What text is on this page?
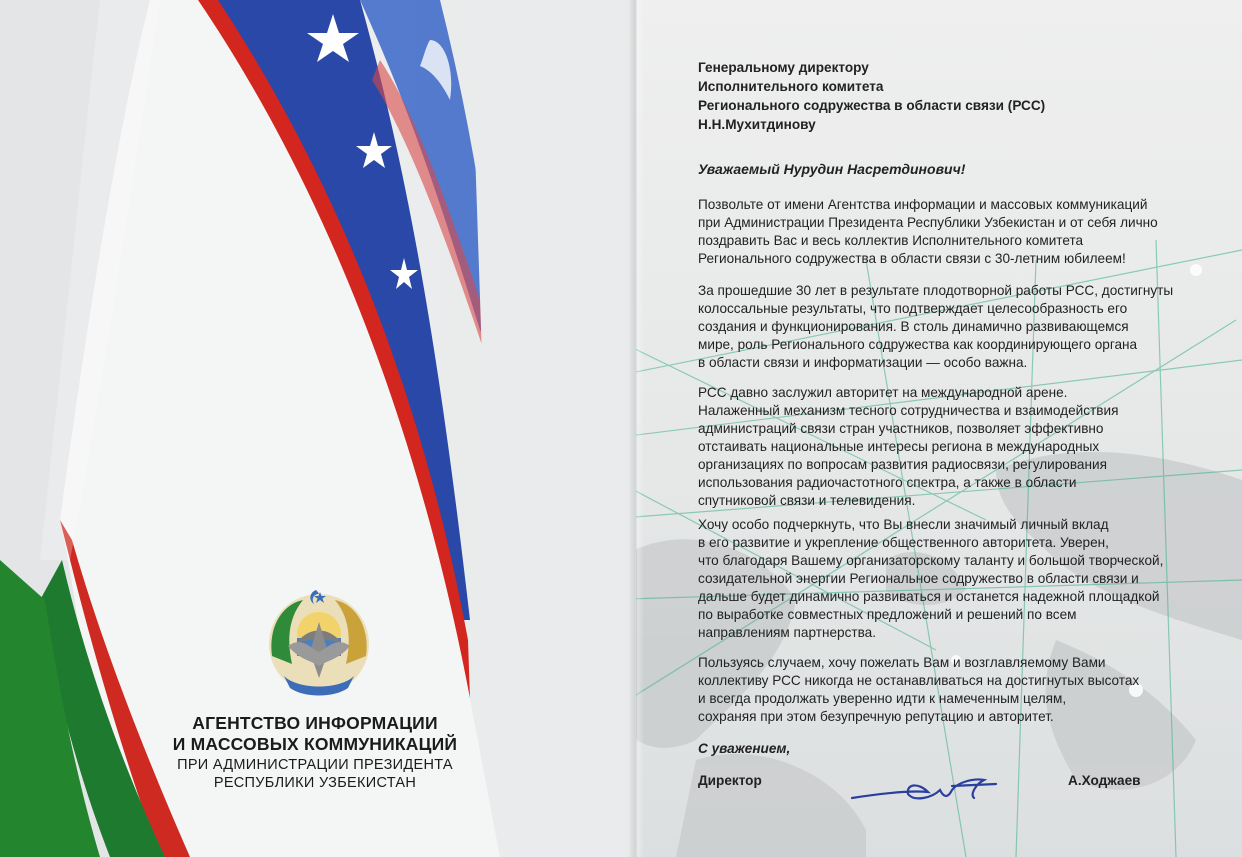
АГЕНТСТВО ИНФОРМАЦИИ
И МАССОВЫХ КОММУНИКАЦИЙ
ПРИ АДМИНИСТРАЦИИ ПРЕЗИДЕНТА
РЕСПУБЛИКИ УЗБЕКИСТАН
Генеральному директору
Исполнительного комитета
Регионального содружества в области связи (РСС)
Н.Н.Мухитдинову
Уважаемый Нурудин Насретдинович!

Позвольте от имени Агентства информации и массовых коммуникаций
при Администрации Президента Республики Узбекистан и от себя лично
поздравить Вас и весь коллектив Исполнительного комитета
Регионального содружества в области связи с 30-летним юбилеем!

За прошедшие 30 лет в результате плодотворной работы РСС, достигнуты
колоссальные результаты, что подтверждает целесообразность его
создания и функционирования. В столь динамично развивающемся
мире, роль Регионального содружества как координирующего органа
в области связи и информатизации — особо важна.

РСС давно заслужил авторитет на международной арене.
Налаженный механизм тесного сотрудничества и взаимодействия
администраций связи стран участников, позволяет эффективно
отстаивать национальные интересы региона в международных
организациях по вопросам развития радиосвязи, регулирования
использования радиочастотного спектра, а также в области
спутниковой связи и телевидения.

Хочу особо подчеркнуть, что Вы внесли значимый личный вклад
в его развитие и укрепление общественного авторитета. Уверен,
что благодаря Вашему организаторскому таланту и большой творческой,
созидательной энергии Региональное содружество в области связи и
дальше будет динамично развиваться и останется надежной площадкой
по выработке совместных предложений и решений по всем
направлениям партнерства.

Пользуясь случаем, хочу пожелать Вам и возглавляемому Вами
коллективу РСС никогда не останавливаться на достигнутых высотах
и всегда продолжать уверенно идти к намеченным целям,
сохраняя при этом безупречную репутацию и авторитет.

С уважением,
Директор	А.Ходжаев
